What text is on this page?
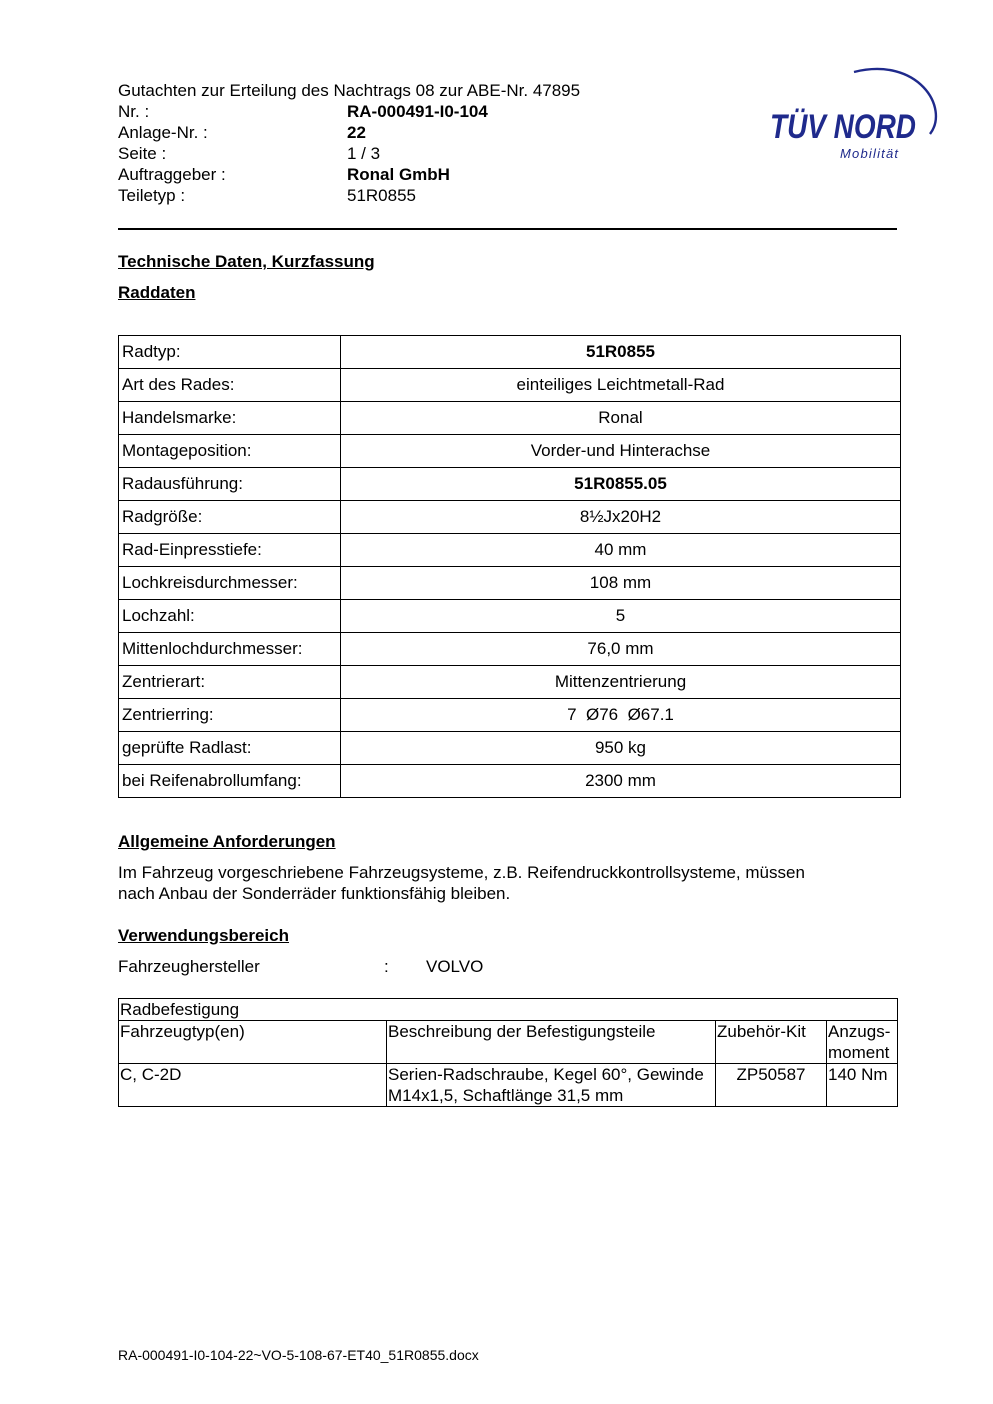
Gutachten zur Erteilung des Nachtrags 08 zur ABE-Nr. 47895
Nr. :	RA-000491-I0-104
Anlage-Nr. :	22
Seite :	1 / 3
Auftraggeber :	Ronal GmbH
Teiletyp :	51R0855
TÜV NORD
Mobilität
Technische Daten, Kurzfassung
Raddaten
Radtyp:	51R0855
Art des Rades:	einteiliges Leichtmetall-Rad
Handelsmarke:	Ronal
Montageposition:	Vorder-und Hinterachse
Radausführung:	51R0855.05
Radgröße:	8½Jx20H2
Rad-Einpresstiefe:	40 mm
Lochkreisdurchmesser:	108 mm
Lochzahl:	5
Mittenlochdurchmesser:	76,0 mm
Zentrierart:	Mittenzentrierung
Zentrierring:	7  Ø76  Ø67.1
geprüfte Radlast:	950 kg
bei Reifenabrollumfang:	2300 mm
Allgemeine Anforderungen
Im Fahrzeug vorgeschriebene Fahrzeugsysteme, z.B. Reifendruckkontrollsysteme, müssen
nach Anbau der Sonderräder funktionsfähig bleiben.
Verwendungsbereich
Fahrzeughersteller	: VOLVO
Radbefestigung			
Fahrzeugtyp(en)	Beschreibung der Befestigungsteile	Zubehör-Kit	Anzugs-moment
C, C-2D	Serien-Radschraube, Kegel 60°, Gewinde M14x1,5, Schaftlänge 31,5 mm	ZP50587	140 Nm
RA-000491-I0-104-22~VO-5-108-67-ET40_51R0855.docx
